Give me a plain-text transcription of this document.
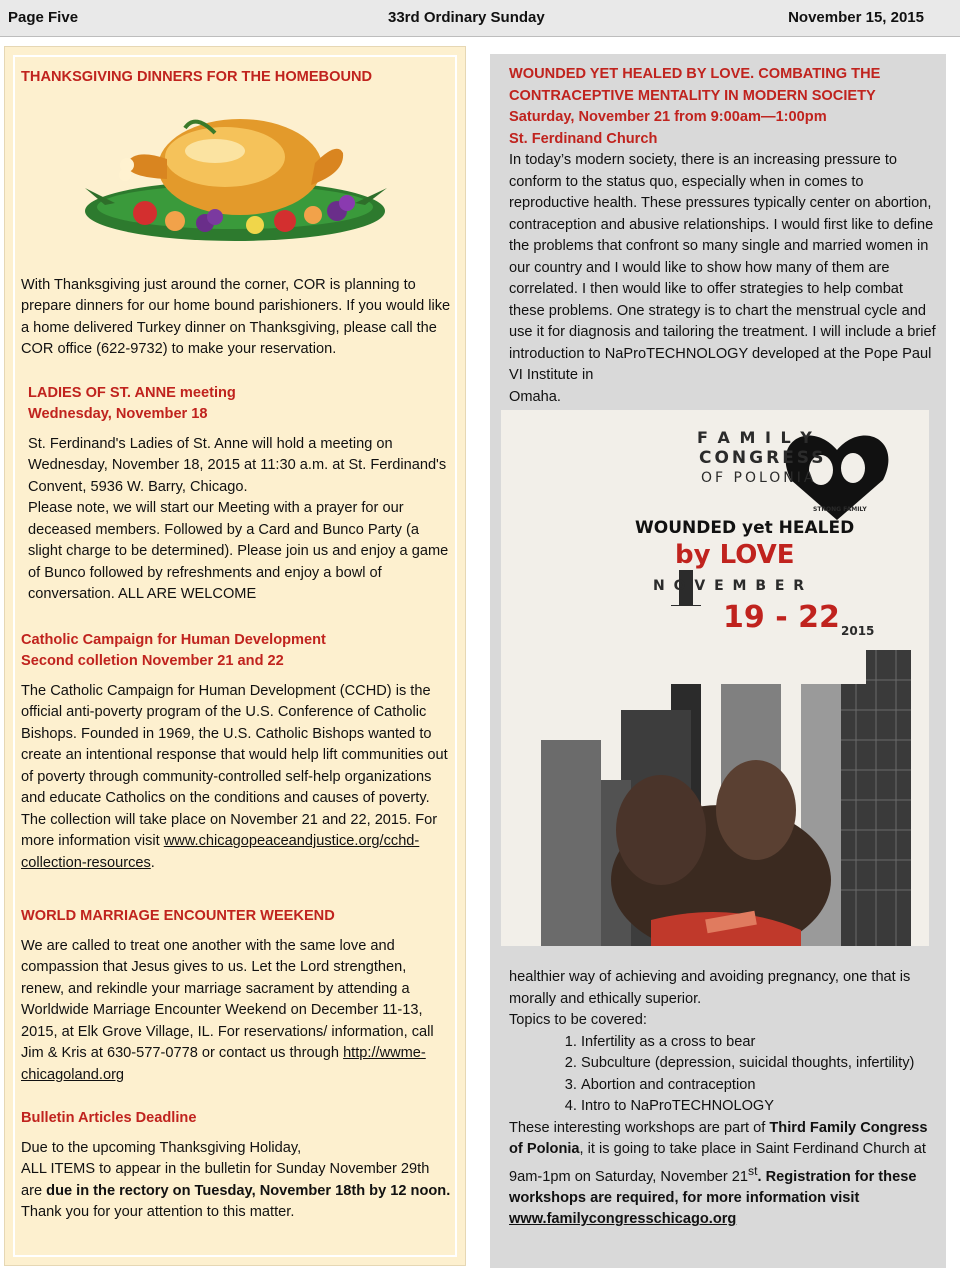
Page Five	33rd Ordinary Sunday	November 15, 2015

THANKSGIVING DINNERS FOR THE HOMEBOUND

With Thanksgiving just around the corner, COR is planning to prepare dinners for our home bound parishioners. If you would like a home delivered Turkey dinner on Thanksgiving, please call the COR office (622-9732) to make your reservation.

LADIES OF ST. ANNE meeting

Wednesday, November 18

St. Ferdinand's Ladies of St. Anne will hold a meeting on Wednesday, November 18, 2015 at 11:30 a.m. at St. Ferdinand's Convent, 5936 W. Barry, Chicago.

Please note, we will start our Meeting with a prayer for our deceased members. Followed by a Card and Bunco Party (a slight charge to be determined). Please join us and enjoy a game of Bunco followed by refreshments and enjoy a bowl of conversation. ALL ARE WELCOME

Catholic Campaign for Human Development

Second colletion November 21 and 22

The Catholic Campaign for Human Development (CCHD) is the official anti-poverty program of the U.S. Conference of Catholic Bishops. Founded in 1969, the U.S. Catholic Bishops wanted to create an intentional response that would help lift communities out of poverty through community-controlled self-help organizations and educate Catholics on the conditions and causes of poverty. The collection will take place on November 21 and 22, 2015. For more information visit www.chicagopeaceandjustice.org/cchd-collection-resources.

WORLD MARRIAGE ENCOUNTER WEEKEND

We are called to treat one another with the same love and compassion that Jesus gives to us. Let the Lord strengthen, renew, and rekindle your marriage sacrament by attending a Worldwide Marriage Encounter Weekend on December 11-13, 2015, at Elk Grove Village, IL. For reservations/ information, call Jim & Kris at 630-577-0778 or contact us through http://wwme-chicagoland.org

Bulletin Articles Deadline

Due to the upcoming Thanksgiving Holiday,

ALL ITEMS to appear in the bulletin for Sunday November 29th are due in the rectory on Tuesday, November 18th by 12 noon. Thank you for your attention to this matter.

WOUNDED YET HEALED BY LOVE. COMBATING THE CONTRACEPTIVE MENTALITY IN MODERN SOCIETY

Saturday, November 21 from 9:00am—1:00pm

St. Ferdinand Church

In today’s modern society, there is an increasing pressure to conform to the status quo, especially when in comes to reproductive health. These pressures typically center on abortion, contraception and abusive relationships. I would first like to define the problems that confront so many single and married women in our country and I would like to show how many of them are correlated. I then would like to offer strategies to help combat these problems. One strategy is to chart the menstrual cycle and use it for diagnosis and tailoring the treatment. I will include a brief introduction to NaProTECHNOLOGY developed at the Pope Paul VI Institute in

Omaha.

F A M I L Y
CONGRESS
OF POLONIA
STRONG FAMILY
WOUNDED yet HEALED
by LOVE
N O V E M B E R
19 - 22 2015

healthier way of achieving and avoiding pregnancy, one that is morally and ethically superior.

Topics to be covered:

1. Infertility as a cross to bear
2. Subculture (depression, suicidal thoughts, infertility)
3. Abortion and contraception
4. Intro to NaProTECHNOLOGY

These interesting workshops are part of Third Family Congress of Polonia, it is going to take place in Saint Ferdinand Church at 9am-1pm on Saturday, November 21st. Registration for these workshops are required, for more information visit www.familycongresschicago.org
